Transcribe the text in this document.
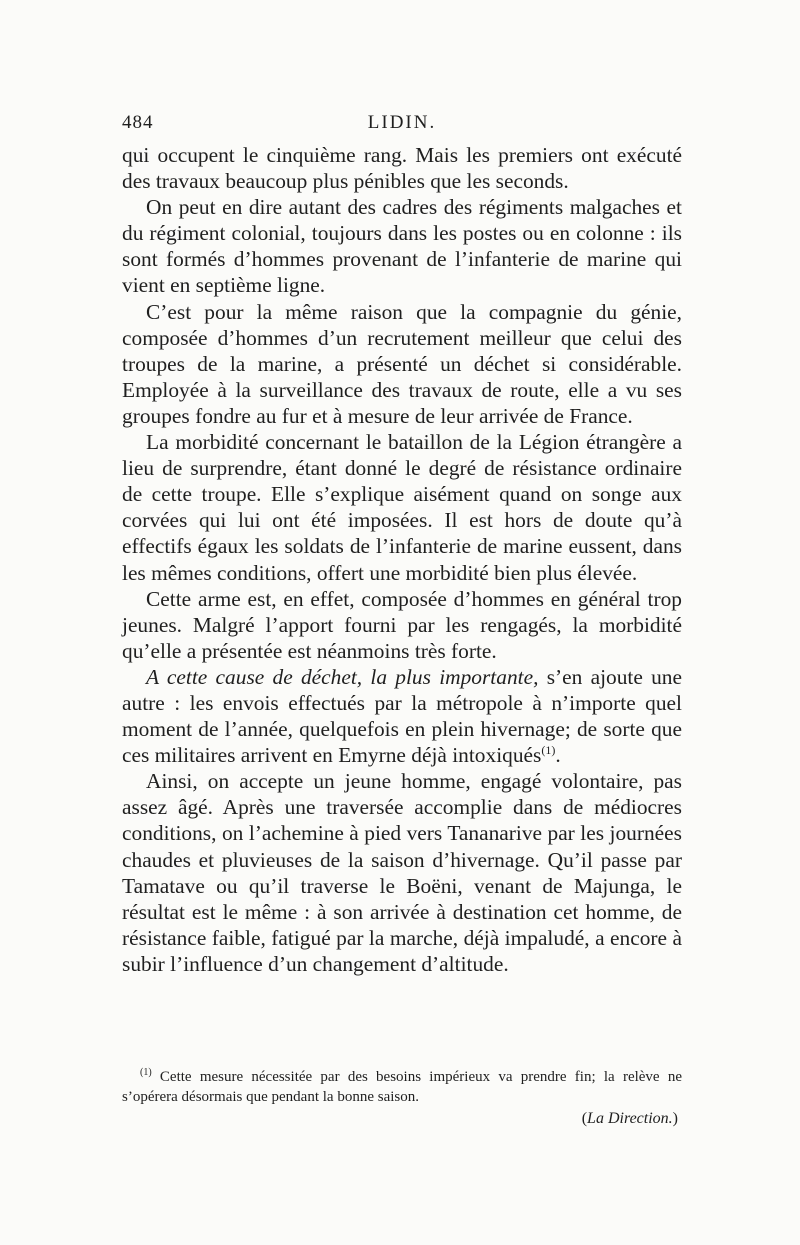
484	LIDIN.

qui occupent le cinquième rang. Mais les premiers ont exécuté des travaux beaucoup plus pénibles que les seconds.

On peut en dire autant des cadres des régiments malgaches et du régiment colonial, toujours dans les postes ou en colonne : ils sont formés d’hommes provenant de l’infanterie de marine qui vient en septième ligne.

C’est pour la même raison que la compagnie du génie, composée d’hommes d’un recrutement meilleur que celui des troupes de la marine, a présenté un déchet si considérable. Employée à la surveillance des travaux de route, elle a vu ses groupes fondre au fur et à mesure de leur arrivée de France.

La morbidité concernant le bataillon de la Légion étrangère a lieu de surprendre, étant donné le degré de résistance ordinaire de cette troupe. Elle s’explique aisément quand on songe aux corvées qui lui ont été imposées. Il est hors de doute qu’à effectifs égaux les soldats de l’infanterie de marine eussent, dans les mêmes conditions, offert une morbidité bien plus élevée.

Cette arme est, en effet, composée d’hommes en général trop jeunes. Malgré l’apport fourni par les rengagés, la morbidité qu’elle a présentée est néanmoins très forte.

A cette cause de déchet, la plus importante, s’en ajoute une autre : les envois effectués par la métropole à n’importe quel moment de l’année, quelquefois en plein hivernage; de sorte que ces militaires arrivent en Emyrne déjà intoxiqués$^{(1)}$.

Ainsi, on accepte un jeune homme, engagé volontaire, pas assez âgé. Après une traversée accomplie dans de médiocres conditions, on l’achemine à pied vers Tananarive par les journées chaudes et pluvieuses de la saison d’hivernage. Qu’il passe par Tamatave ou qu’il traverse le Boëni, venant de Majunga, le résultat est le même : à son arrivée à destination cet homme, de résistance faible, fatigué par la marche, déjà impaludé, a encore à subir l’influence d’un changement d’altitude.

$^{(1)}$ Cette mesure nécessitée par des besoins impérieux va prendre fin; la relève ne s’opérera désormais que pendant la bonne saison.

(La Direction.)
